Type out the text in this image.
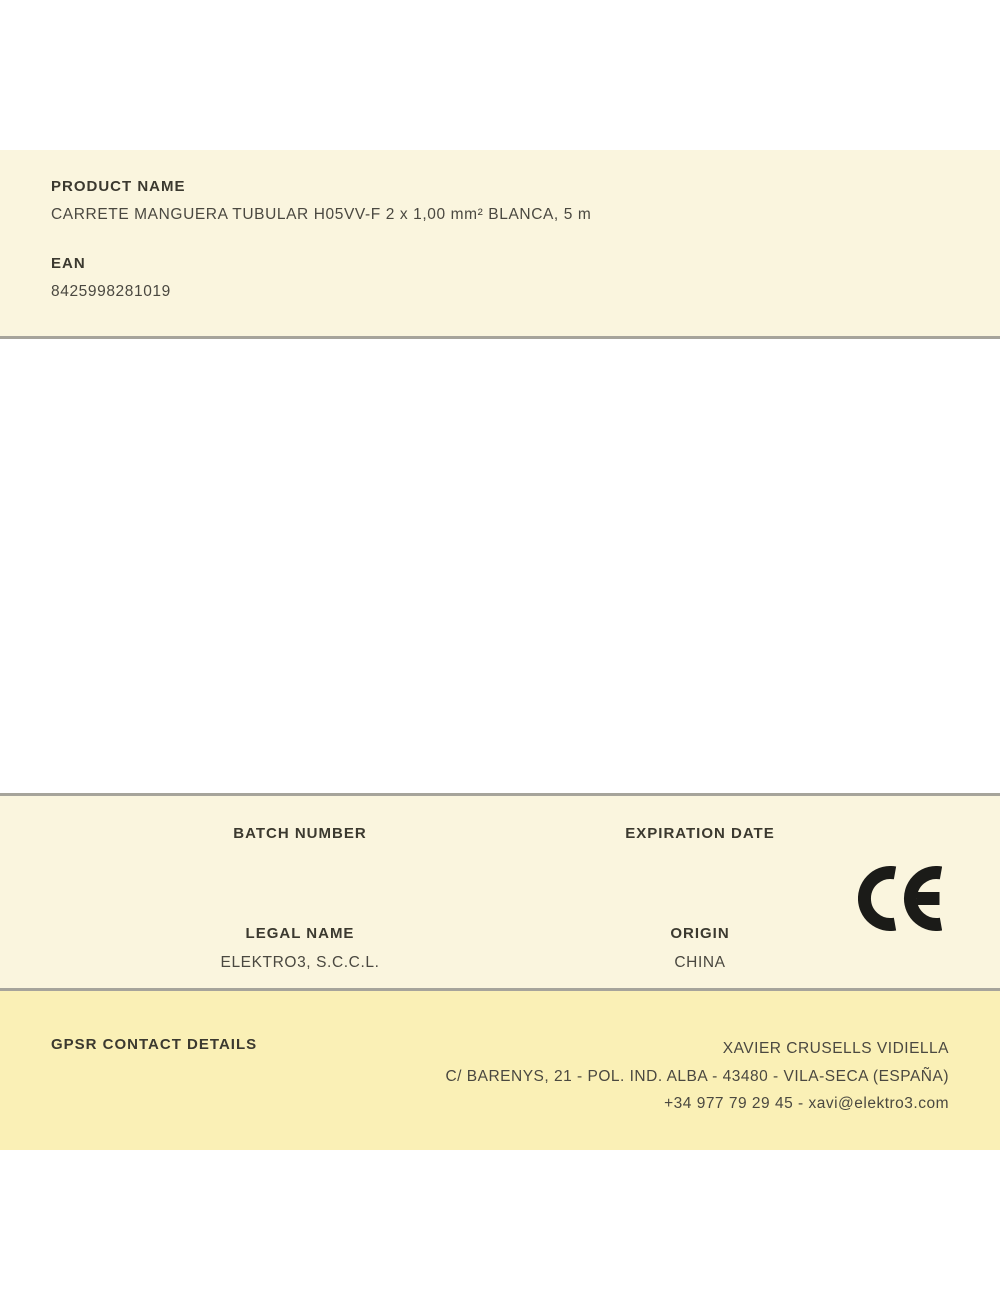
PRODUCT NAME
CARRETE MANGUERA TUBULAR H05VV-F 2 x 1,00 mm² BLANCA, 5 m
EAN
8425998281019
BATCH NUMBER	EXPIRATION DATE
LEGAL NAME
ELEKTRO3, S.C.C.L.
ORIGIN
CHINA
GPSR CONTACT DETAILS	XAVIER CRUSELLS VIDIELLA
C/ BARENYS, 21 - POL. IND. ALBA - 43480 - VILA-SECA (ESPAÑA)
+34 977 79 29 45 - xavi@elektro3.com
